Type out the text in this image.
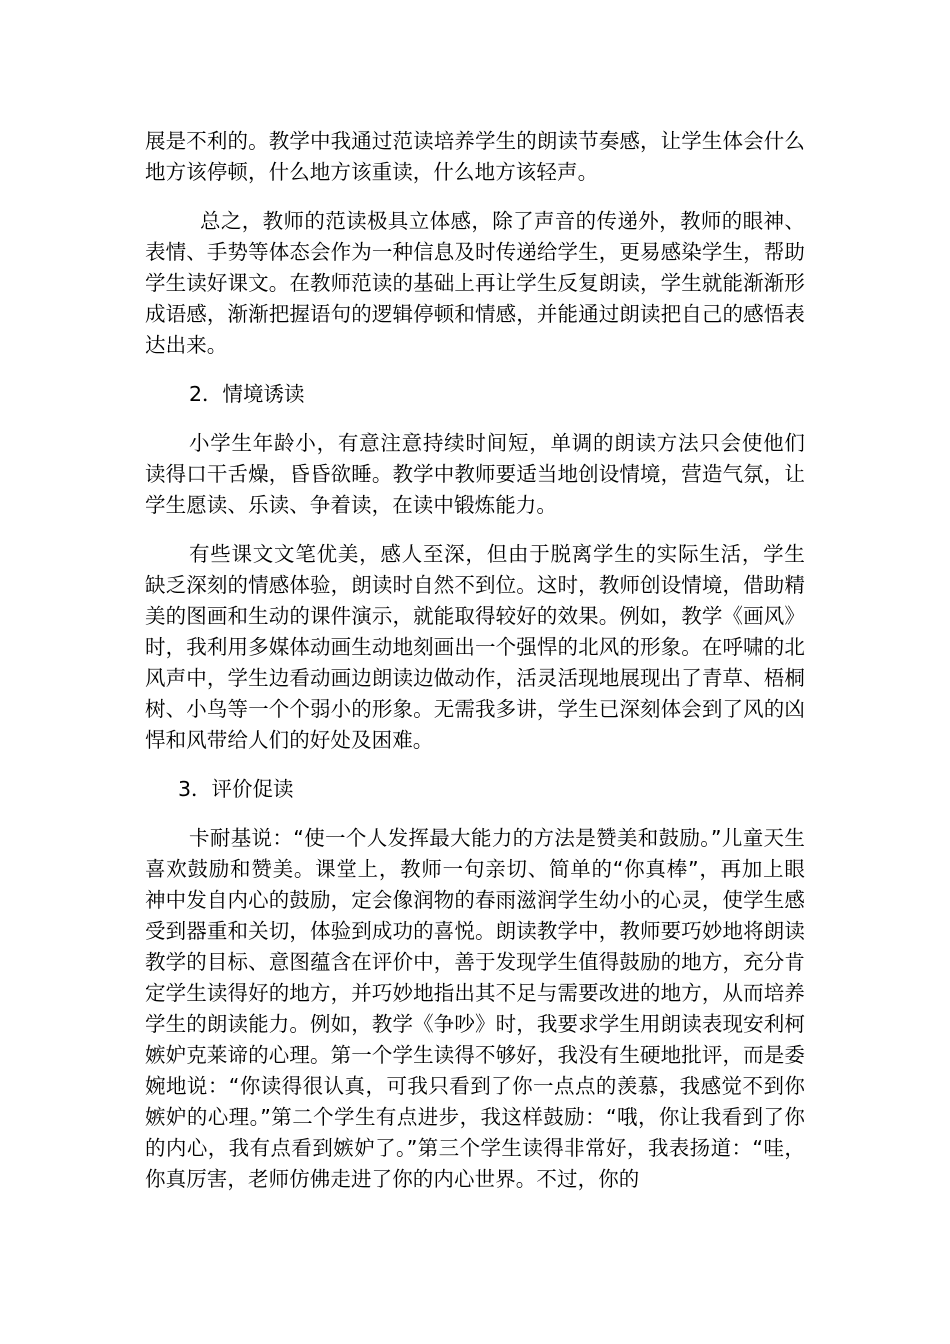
展是不利的。教学中我通过范读培养学生的朗读节奏感，让学生体会什么地方该停顿，什么地方该重读，什么地方该轻声。

总之，教师的范读极具立体感，除了声音的传递外，教师的眼神、表情、手势等体态会作为一种信息及时传递给学生，更易感染学生，帮助学生读好课文。在教师范读的基础上再让学生反复朗读，学生就能渐渐形成语感，渐渐把握语句的逻辑停顿和情感，并能通过朗读把自己的感悟表达出来。

2．情境诱读

小学生年龄小，有意注意持续时间短，单调的朗读方法只会使他们读得口干舌燥，昏昏欲睡。教学中教师要适当地创设情境，营造气氛，让学生愿读、乐读、争着读，在读中锻炼能力。

有些课文文笔优美，感人至深，但由于脱离学生的实际生活，学生缺乏深刻的情感体验，朗读时自然不到位。这时，教师创设情境，借助精美的图画和生动的课件演示，就能取得较好的效果。例如，教学《画风》时，我利用多媒体动画生动地刻画出一个强悍的北风的形象。在呼啸的北风声中，学生边看动画边朗读边做动作，活灵活现地展现出了青草、梧桐树、小鸟等一个个弱小的形象。无需我多讲，学生已深刻体会到了风的凶悍和风带给人们的好处及困难。

3．评价促读

卡耐基说：“使一个人发挥最大能力的方法是赞美和鼓励。”儿童天生喜欢鼓励和赞美。课堂上，教师一句亲切、简单的“你真棒”，再加上眼神中发自内心的鼓励，定会像润物的春雨滋润学生幼小的心灵，使学生感受到器重和关切，体验到成功的喜悦。朗读教学中，教师要巧妙地将朗读教学的目标、意图蕴含在评价中，善于发现学生值得鼓励的地方，充分肯定学生读得好的地方，并巧妙地指出其不足与需要改进的地方，从而培养学生的朗读能力。例如，教学《争吵》时，我要求学生用朗读表现安利柯嫉妒克莱谛的心理。第一个学生读得不够好，我没有生硬地批评，而是委婉地说：“你读得很认真，可我只看到了你一点点的羡慕，我感觉不到你嫉妒的心理。”第二个学生有点进步，我这样鼓励：“哦，你让我看到了你的内心，我有点看到嫉妒了。”第三个学生读得非常好，我表扬道：“哇，你真厉害，老师仿佛走进了你的内心世界。不过，你的
